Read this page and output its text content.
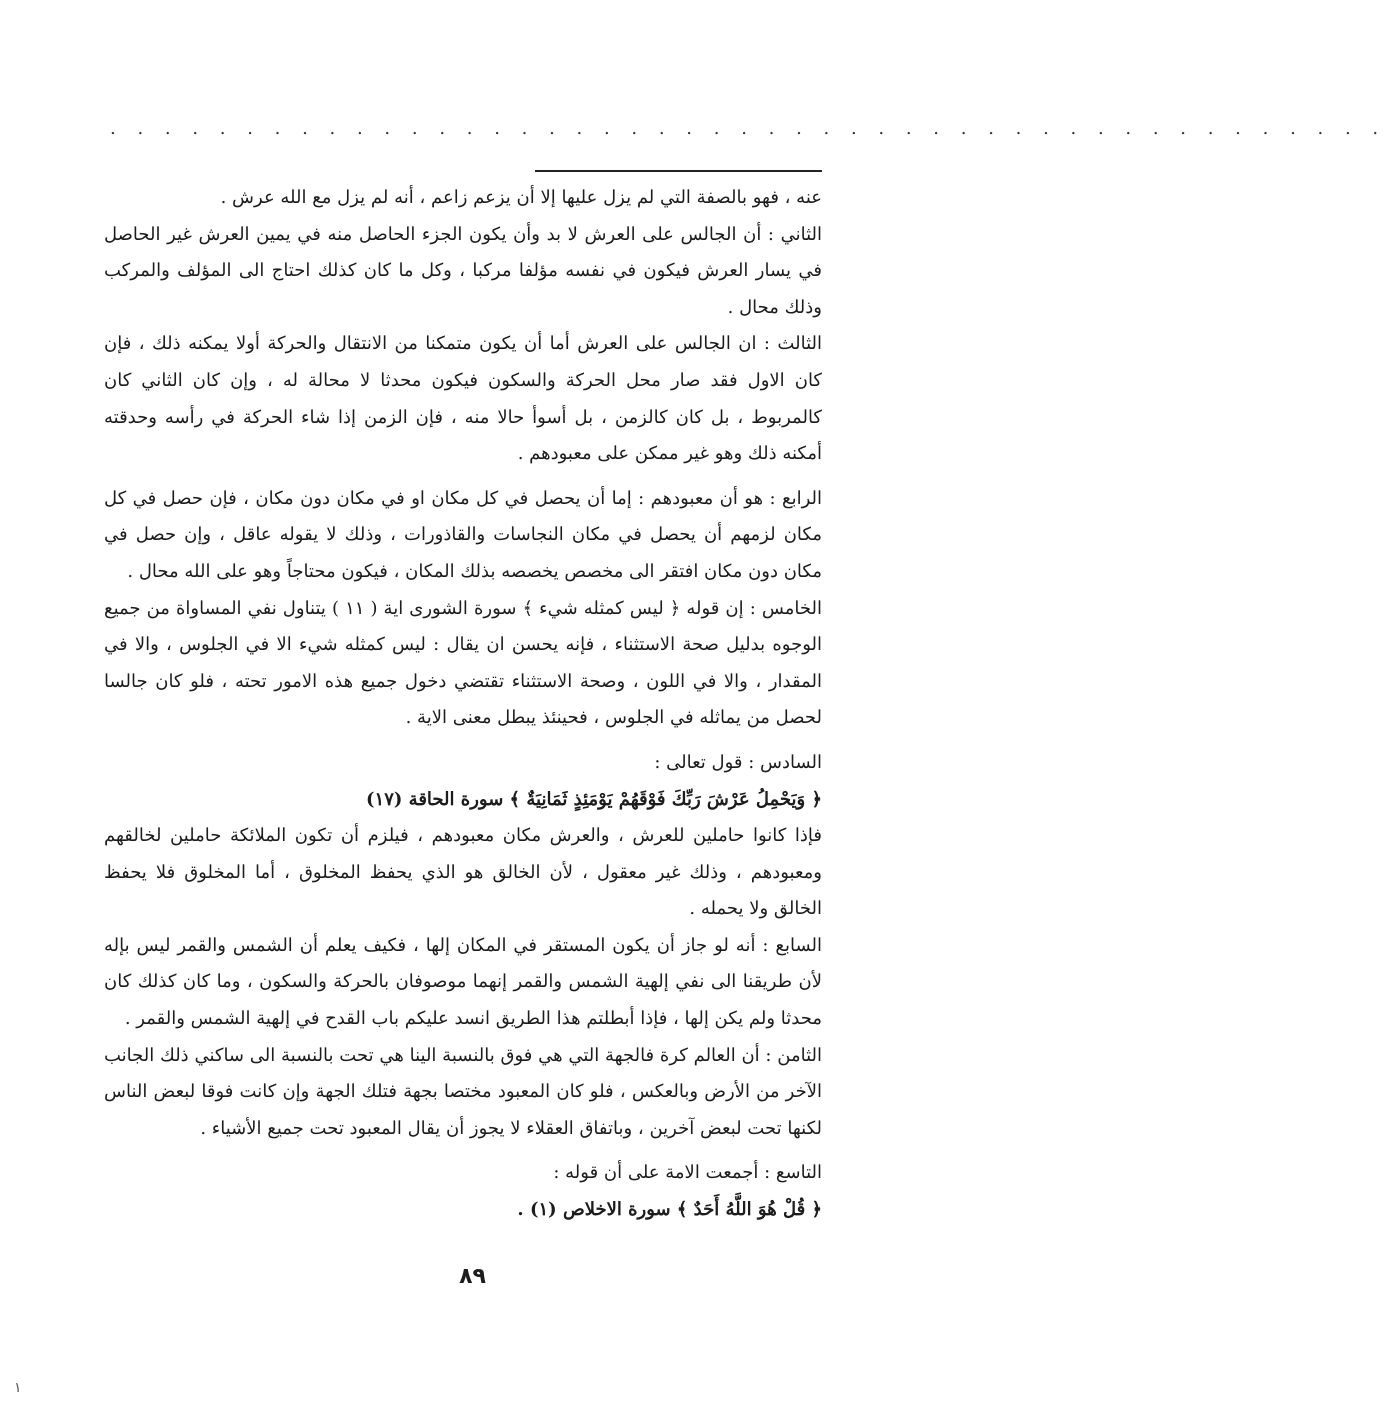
. . . . . . . . . . . . . . . . . . . . . . . . . . . . . . . . . . . . . . . . . . . . . . .

عنه ، فهو بالصفة التي لم يزل عليها إلا أن يزعم زاعم ، أنه لم يزل مع الله عرش .

الثاني : أن الجالس على العرش لا بد وأن يكون الجزء الحاصل منه في يمين العرش غير الحاصل في يسار العرش فيكون في نفسه مؤلفا مركبا ، وكل ما كان كذلك احتاج الى المؤلف والمركب وذلك محال .

الثالث : ان الجالس على العرش أما أن يكون متمكنا من الانتقال والحركة أولا يمكنه ذلك ، فإن كان الاول فقد صار محل الحركة والسكون فيكون محدثا لا محالة له ، وإن كان الثاني كان كالمربوط ، بل كان كالزمن ، بل أسوأ حالا منه ، فإن الزمن إذا شاء الحركة في رأسه وحدقته أمكنه ذلك وهو غير ممكن على معبودهم .

الرابع : هو أن معبودهم : إما أن يحصل في كل مكان او في مكان دون مكان ، فإن حصل في كل مكان لزمهم أن يحصل في مكان النجاسات والقاذورات ، وذلك لا يقوله عاقل ، وإن حصل في مكان دون مكان افتقر الى مخصص يخصصه بذلك المكان ، فيكون محتاجاً وهو على الله محال .

الخامس : إن قوله ﴿ ليس كمثله شيء ﴾ سورة الشورى اية ( ١١ ) يتناول نفي المساواة من جميع الوجوه بدليل صحة الاستثناء ، فإنه يحسن ان يقال : ليس كمثله شيء الا في الجلوس ، والا في المقدار ، والا في اللون ، وصحة الاستثناء تقتضي دخول جميع هذه الامور تحته ، فلو كان جالسا لحصل من يماثله في الجلوس ، فحينئذ يبطل معنى الاية .

السادس : قول تعالى :

﴿ وَيَحْمِلُ عَرْشَ رَبِّكَ فَوْقَهُمْ يَوْمَئِذٍ ثَمَانِيَةٌ ﴾ سورة الحاقة (١٧)

فإذا كانوا حاملين للعرش ، والعرش مكان معبودهم ، فيلزم أن تكون الملائكة حاملين لخالقهم ومعبودهم ، وذلك غير معقول ، لأن الخالق هو الذي يحفظ المخلوق ، أما المخلوق فلا يحفظ الخالق ولا يحمله .

السابع : أنه لو جاز أن يكون المستقر في المكان إلها ، فكيف يعلم أن الشمس والقمر ليس بإله لأن طريقنا الى نفي إلهية الشمس والقمر إنهما موصوفان بالحركة والسكون ، وما كان كذلك كان محدثا ولم يكن إلها ، فإذا أبطلتم هذا الطريق انسد عليكم باب القدح في إلهية الشمس والقمر .

الثامن : أن العالم كرة فالجهة التي هي فوق بالنسبة الينا هي تحت بالنسبة الى ساكني ذلك الجانب الآخر من الأرض وبالعكس ، فلو كان المعبود مختصا بجهة فتلك الجهة وإن كانت فوقا لبعض الناس لكنها تحت لبعض آخرين ، وباتفاق العقلاء لا يجوز أن يقال المعبود تحت جميع الأشياء .

التاسع : أجمعت الامة على أن قوله :

﴿ قُلْ هُوَ اللَّهُ أَحَدٌ ﴾ سورة الاخلاص (١) .

٨٩
١
